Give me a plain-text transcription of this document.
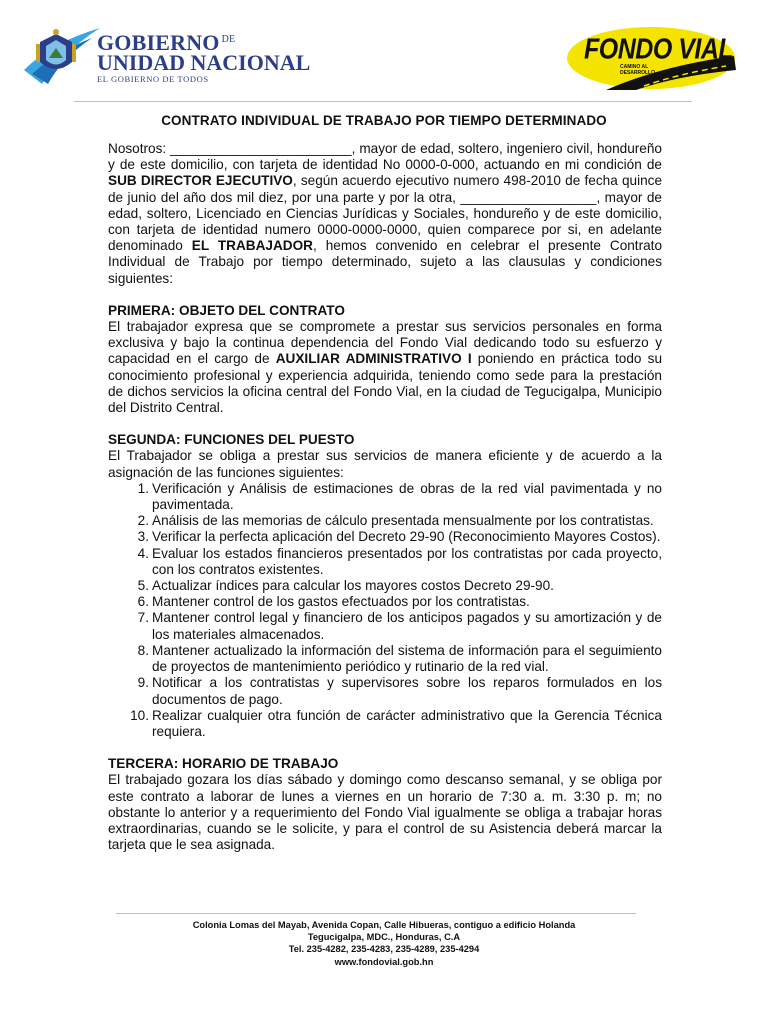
GOBIERNO $^{DE}$
UNIDAD NACIONAL
EL GOBIERNO DE TODOS
FONDO VIAL
CAMINO AL
DESARROLLO
CONTRATO INDIVIDUAL DE TRABAJO POR TIEMPO DETERMINADO

Nosotros: ________________________, mayor de edad, soltero, ingeniero civil, hondureño y de este domicilio, con tarjeta de identidad No 0000-0-000, actuando en mi condición de SUB DIRECTOR EJECUTIVO, según acuerdo ejecutivo numero 498-2010 de fecha quince de junio del año dos mil diez, por una parte y por la otra, __________________, mayor de edad, soltero, Licenciado en Ciencias Jurídicas y Sociales, hondureño y de este domicilio, con tarjeta de identidad numero 0000-0000-0000, quien comparece por si, en adelante denominado EL TRABAJADOR, hemos convenido en celebrar el presente Contrato Individual de Trabajo por tiempo determinado, sujeto a las clausulas y condiciones siguientes:

PRIMERA: OBJETO DEL CONTRATO

El trabajador expresa que se compromete a prestar sus servicios personales en forma exclusiva y bajo la continua dependencia del Fondo Vial dedicando todo su esfuerzo y capacidad en el cargo de AUXILIAR ADMINISTRATIVO I poniendo en práctica todo su conocimiento profesional y experiencia adquirida, teniendo como sede para la prestación de dichos servicios la oficina central del Fondo Vial, en la ciudad de Tegucigalpa, Municipio del Distrito Central.

SEGUNDA: FUNCIONES DEL PUESTO

El Trabajador se obliga a prestar sus servicios de manera eficiente y de acuerdo a la asignación de las funciones siguientes:

1. Verificación y Análisis de estimaciones de obras de la red vial pavimentada y no pavimentada.
2. Análisis de las memorias de cálculo presentada mensualmente por los contratistas.
3. Verificar la perfecta aplicación del Decreto 29-90 (Reconocimiento Mayores Costos).
4. Evaluar los estados financieros presentados por los contratistas por cada proyecto, con los contratos existentes.
5. Actualizar índices para calcular los mayores costos Decreto 29-90.
6. Mantener control de los gastos efectuados por los contratistas.
7. Mantener control legal y financiero de los anticipos pagados y su amortización y de los materiales almacenados.
8. Mantener actualizado la información del sistema de información para el seguimiento de proyectos de mantenimiento periódico y rutinario de la red vial.
9. Notificar a los contratistas y supervisores sobre los reparos formulados en los documentos de pago.
10. Realizar cualquier otra función de carácter administrativo que la Gerencia Técnica requiera.

TERCERA: HORARIO DE TRABAJO

El trabajado gozara los días sábado y domingo como descanso semanal, y se obliga por este contrato a laborar de lunes a viernes en un horario de 7:30 a. m. 3:30 p. m; no obstante lo anterior y a requerimiento del Fondo Vial igualmente se obliga a trabajar horas extraordinarias, cuando se le solicite, y para el control de su Asistencia deberá marcar la tarjeta que le sea asignada.

Colonia Lomas del Mayab, Avenida Copan, Calle Hibueras, contiguo a edificio Holanda
Tegucigalpa, MDC., Honduras, C.A
Tel. 235-4282, 235-4283, 235-4289, 235-4294
www.fondovial.gob.hn
